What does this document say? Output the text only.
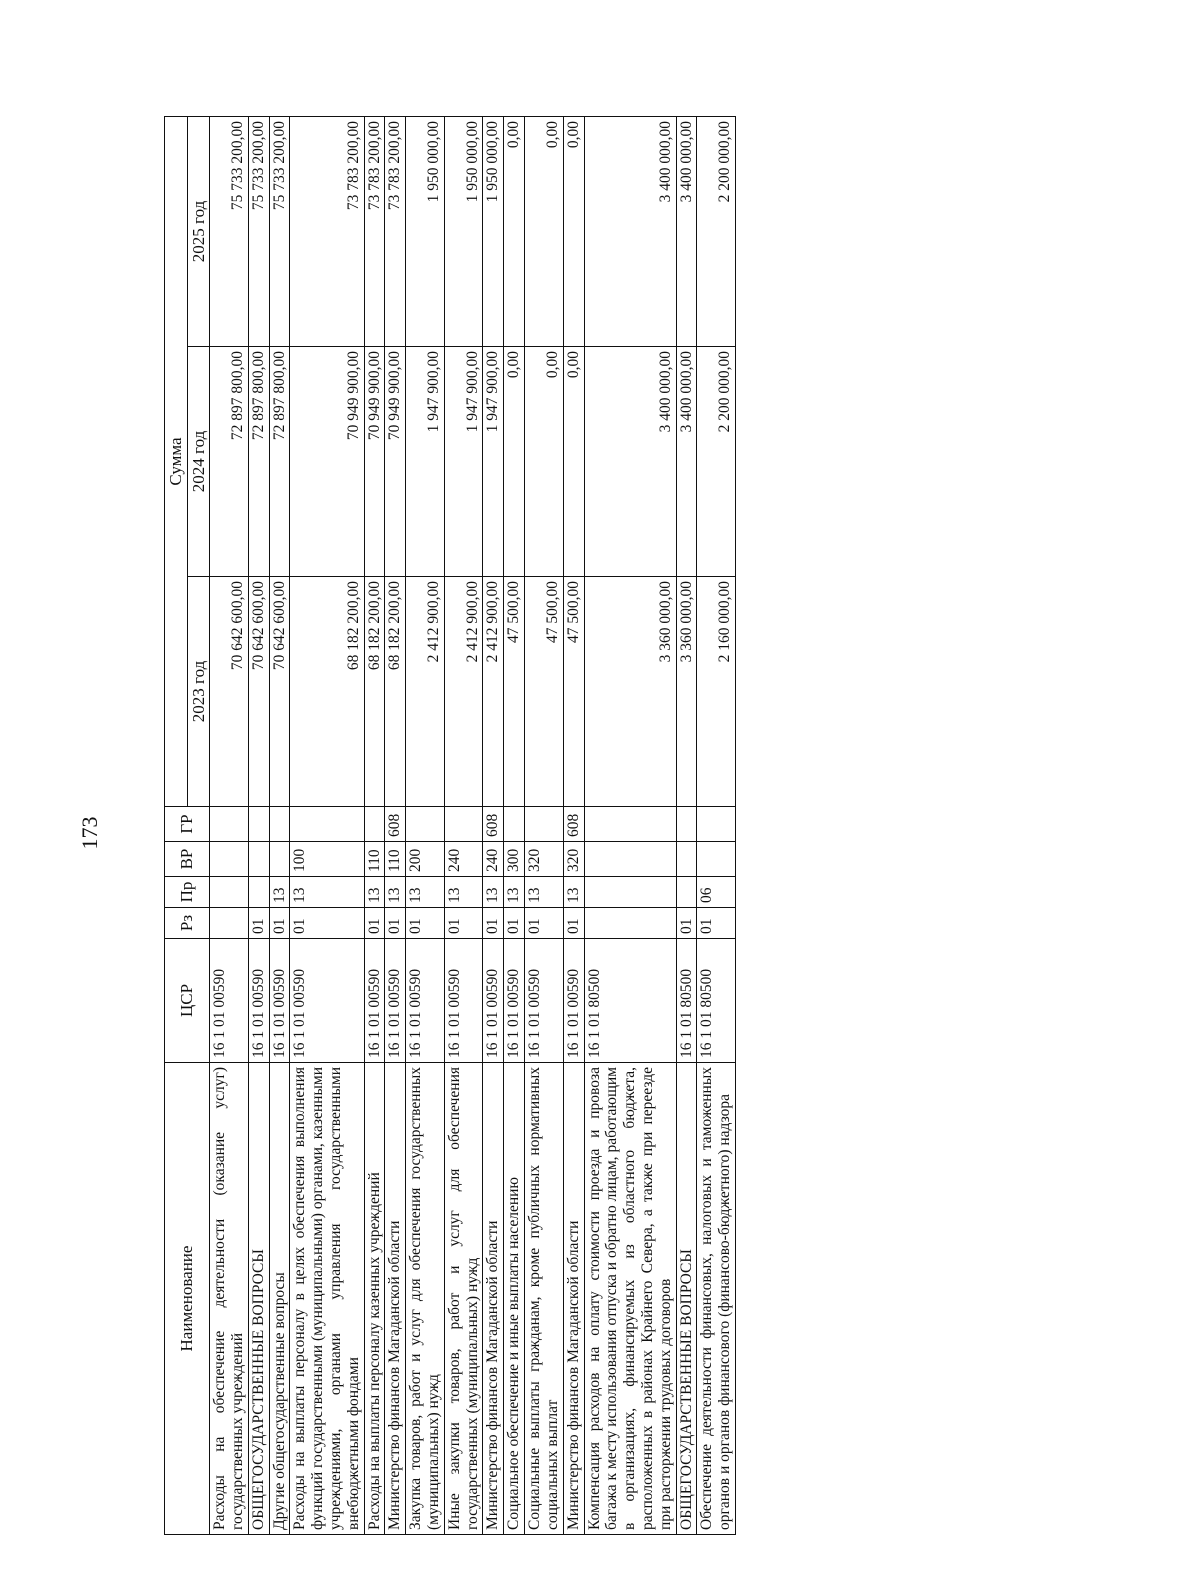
173
Наименование	ЦСР	Рз	Пр	ВР	ГР	Сумма		
						2023 год	2024 год	2025 год
Расходы на обеспечение деятельности (оказание услуг) государственных учреждений	16 1 01 00590					70 642 600,00	72 897 800,00	75 733 200,00
ОБЩЕГОСУДАРСТВЕННЫЕ ВОПРОСЫ	16 1 01 00590	01				70 642 600,00	72 897 800,00	75 733 200,00
Другие общегосударственные вопросы	16 1 01 00590	01	13			70 642 600,00	72 897 800,00	75 733 200,00
Расходы на выплаты персоналу в целях обеспечения выполнения функций государственными (муниципальными) органами, казенными учреждениями, органами управления государственными внебюджетными фондами	16 1 01 00590	01	13	100		68 182 200,00	70 949 900,00	73 783 200,00
Расходы на выплаты персоналу казенных учреждений	16 1 01 00590	01	13	110		68 182 200,00	70 949 900,00	73 783 200,00
Министерство финансов Магаданской области	16 1 01 00590	01	13	110	608	68 182 200,00	70 949 900,00	73 783 200,00
Закупка товаров, работ и услуг для обеспечения государственных (муниципальных) нужд	16 1 01 00590	01	13	200		2 412 900,00	1 947 900,00	1 950 000,00
Иные закупки товаров, работ и услуг для обеспечения государственных (муниципальных) нужд	16 1 01 00590	01	13	240		2 412 900,00	1 947 900,00	1 950 000,00
Министерство финансов Магаданской области	16 1 01 00590	01	13	240	608	2 412 900,00	1 947 900,00	1 950 000,00
Социальное обеспечение и иные выплаты населению	16 1 01 00590	01	13	300		47 500,00	0,00	0,00
Социальные выплаты гражданам, кроме публичных нормативных социальных выплат	16 1 01 00590	01	13	320		47 500,00	0,00	0,00
Министерство финансов Магаданской области	16 1 01 00590	01	13	320	608	47 500,00	0,00	0,00
Компенсация расходов на оплату стоимости проезда и провоза багажа к месту использования отпуска и обратно лицам, работающим в организациях, финансируемых из областного бюджета, расположенных в районах Крайнего Севера, а также при переезде при расторжении трудовых договоров	16 1 01 80500					3 360 000,00	3 400 000,00	3 400 000,00
ОБЩЕГОСУДАРСТВЕННЫЕ ВОПРОСЫ	16 1 01 80500	01				3 360 000,00	3 400 000,00	3 400 000,00
Обеспечение деятельности финансовых, налоговых и таможенных органов и органов финансового (финансово-бюджетного) надзора	16 1 01 80500	01	06			2 160 000,00	2 200 000,00	2 200 000,00
